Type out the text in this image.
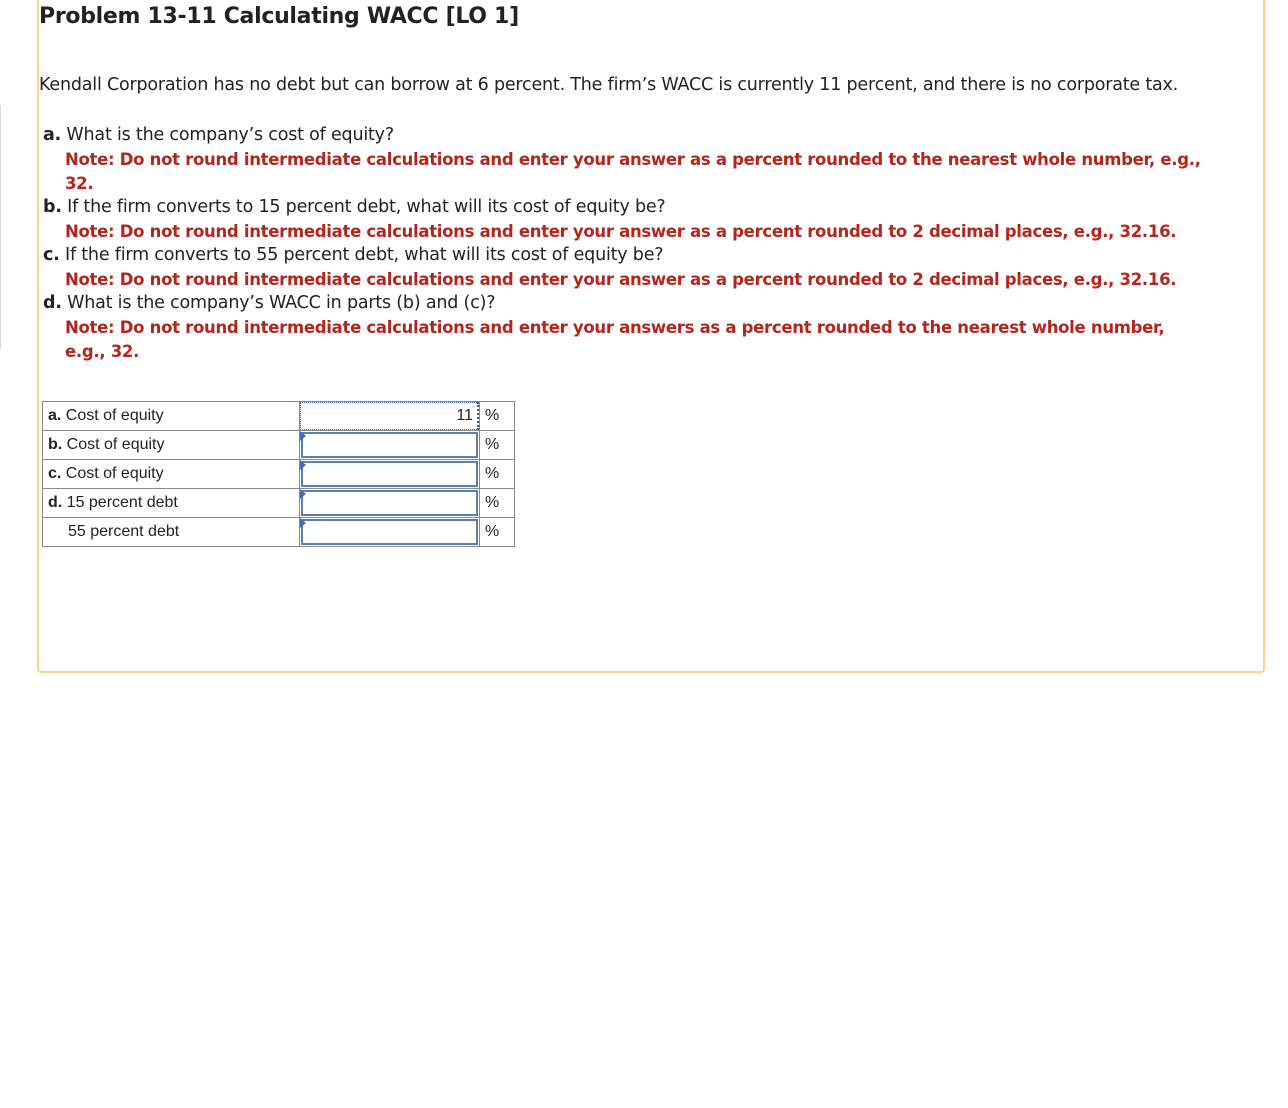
Problem 13-11 Calculating WACC [LO 1]
Kendall Corporation has no debt but can borrow at 6 percent. The firm’s WACC is currently 11 percent, and there is no corporate tax.
a. What is the company’s cost of equity?
Note: Do not round intermediate calculations and enter your answer as a percent rounded to the nearest whole number, e.g.,
32.
b. If the firm converts to 15 percent debt, what will its cost of equity be?
Note: Do not round intermediate calculations and enter your answer as a percent rounded to 2 decimal places, e.g., 32.16.
c. If the firm converts to 55 percent debt, what will its cost of equity be?
Note: Do not round intermediate calculations and enter your answer as a percent rounded to 2 decimal places, e.g., 32.16.
d. What is the company’s WACC in parts (b) and (c)?
Note: Do not round intermediate calculations and enter your answers as a percent rounded to the nearest whole number,
e.g., 32.
a. Cost of equity	11	%
b. Cost of equity		%
c. Cost of equity		%
d. 15 percent debt		%
55 percent debt		%
